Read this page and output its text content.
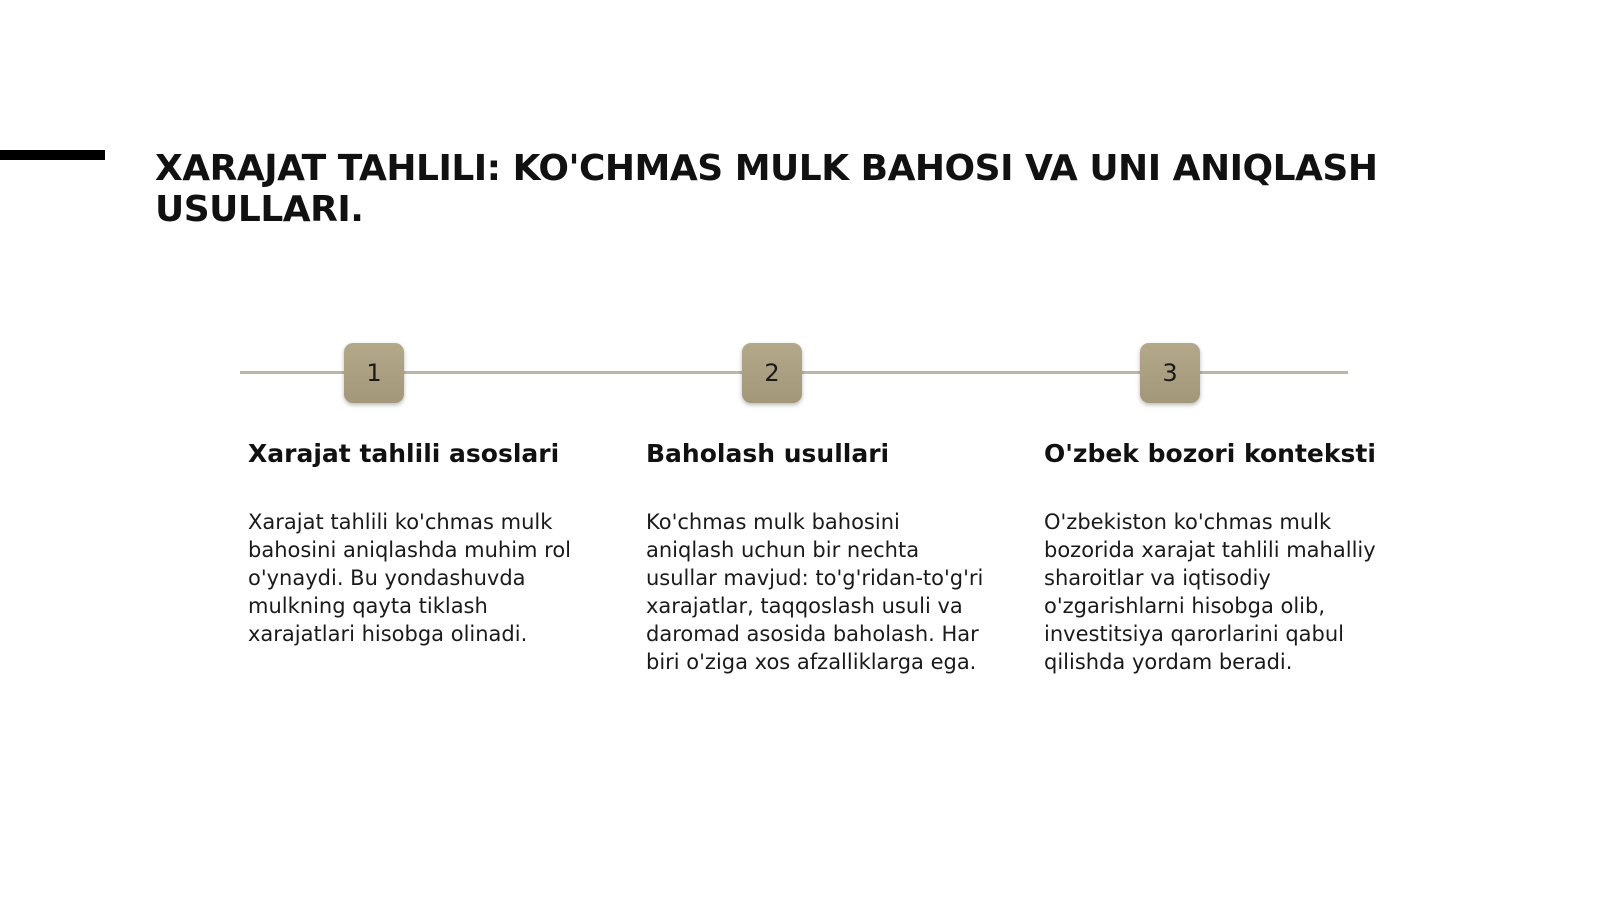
XARAJAT TAHLILI: KO'CHMAS MULK BAHOSI VA UNI ANIQLASH USULLARI.
1	2	3

Xarajat tahlili asoslari

Xarajat tahlili ko'chmas mulk bahosini aniqlashda muhim rol o'ynaydi. Bu yondashuvda mulkning qayta tiklash xarajatlari hisobga olinadi.

Baholash usullari

Ko'chmas mulk bahosini aniqlash uchun bir nechta usullar mavjud: to'g'ridan-to'g'ri xarajatlar, taqqoslash usuli va daromad asosida baholash. Har biri o'ziga xos afzalliklarga ega.

O'zbek bozori konteksti

O'zbekiston ko'chmas mulk bozorida xarajat tahlili mahalliy sharoitlar va iqtisodiy o'zgarishlarni hisobga olib, investitsiya qarorlarini qabul qilishda yordam beradi.
